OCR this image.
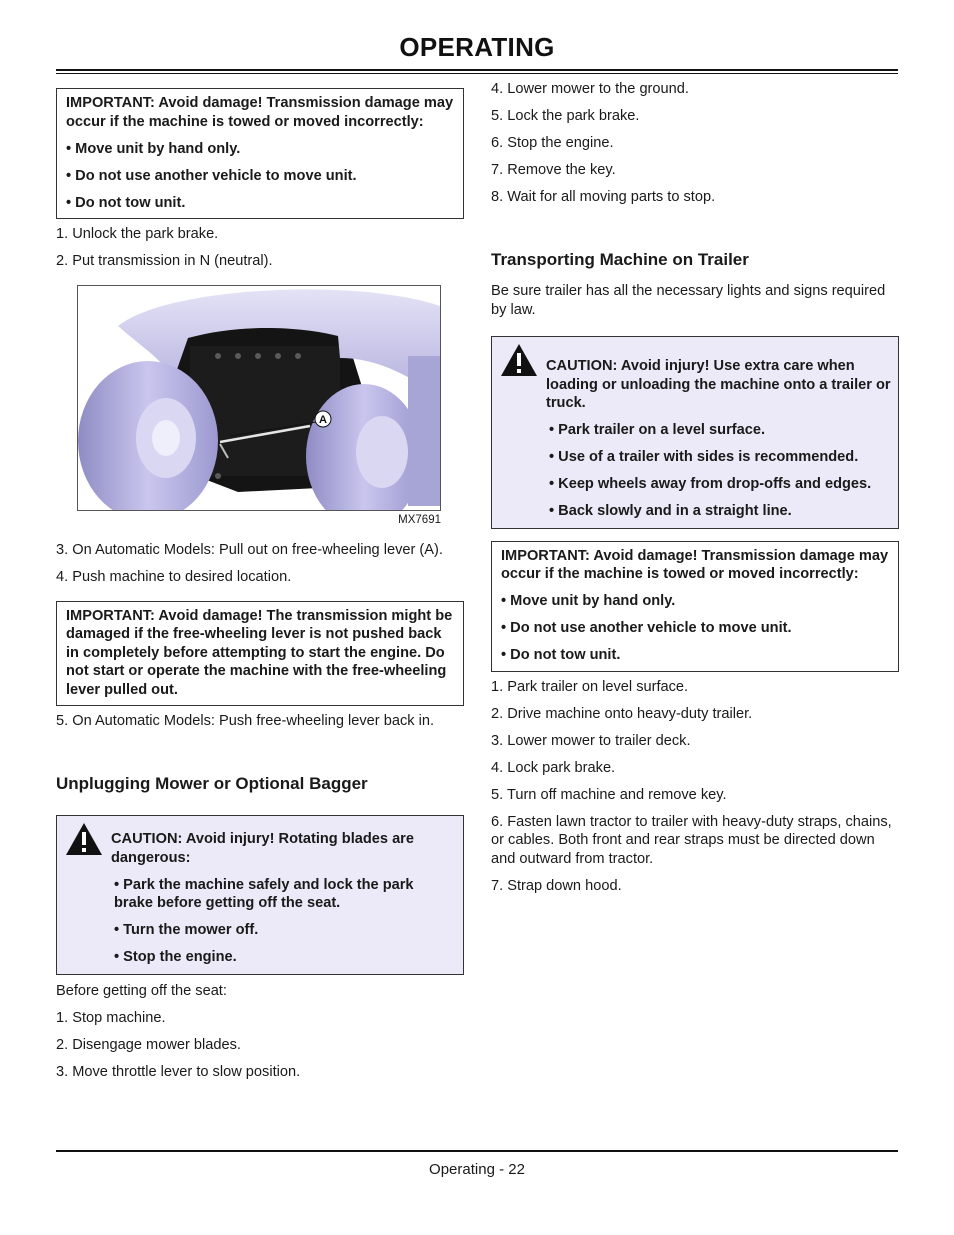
OPERATING

IMPORTANT: Avoid damage! Transmission damage may occur if the machine is towed or moved incorrectly:

• Move unit by hand only.

• Do not use another vehicle to move unit.

• Do not tow unit.

1. Unlock the park brake.

2. Put transmission in N (neutral).

A

MX7691

3. On Automatic Models: Pull out on free-wheeling lever (A).

4. Push machine to desired location.

IMPORTANT: Avoid damage! The transmission might be damaged if the free-wheeling lever is not pushed back in completely before attempting to start the engine. Do not start or operate the machine with the free-wheeling lever pulled out.

5. On Automatic Models: Push free-wheeling lever back in.

Unplugging Mower or Optional Bagger

CAUTION: Avoid injury! Rotating blades are dangerous:

• Park the machine safely and lock the park brake before getting off the seat.

• Turn the mower off.

• Stop the engine.

Before getting off the seat:

1. Stop machine.

2. Disengage mower blades.

3. Move throttle lever to slow position.

4. Lower mower to the ground.

5. Lock the park brake.

6. Stop the engine.

7. Remove the key.

8. Wait for all moving parts to stop.

Transporting Machine on Trailer

Be sure trailer has all the necessary lights and signs required by law.

CAUTION: Avoid injury! Use extra care when loading or unloading the machine onto a trailer or truck.

• Park trailer on a level surface.

• Use of a trailer with sides is recommended.

• Keep wheels away from drop-offs and edges.

• Back slowly and in a straight line.

IMPORTANT: Avoid damage! Transmission damage may occur if the machine is towed or moved incorrectly:

• Move unit by hand only.

• Do not use another vehicle to move unit.

• Do not tow unit.

1. Park trailer on level surface.

2. Drive machine onto heavy-duty trailer.

3. Lower mower to trailer deck.

4. Lock park brake.

5. Turn off machine and remove key.

6. Fasten lawn tractor to trailer with heavy-duty straps, chains, or cables. Both front and rear straps must be directed down and outward from tractor.

7. Strap down hood.

Operating - 22
